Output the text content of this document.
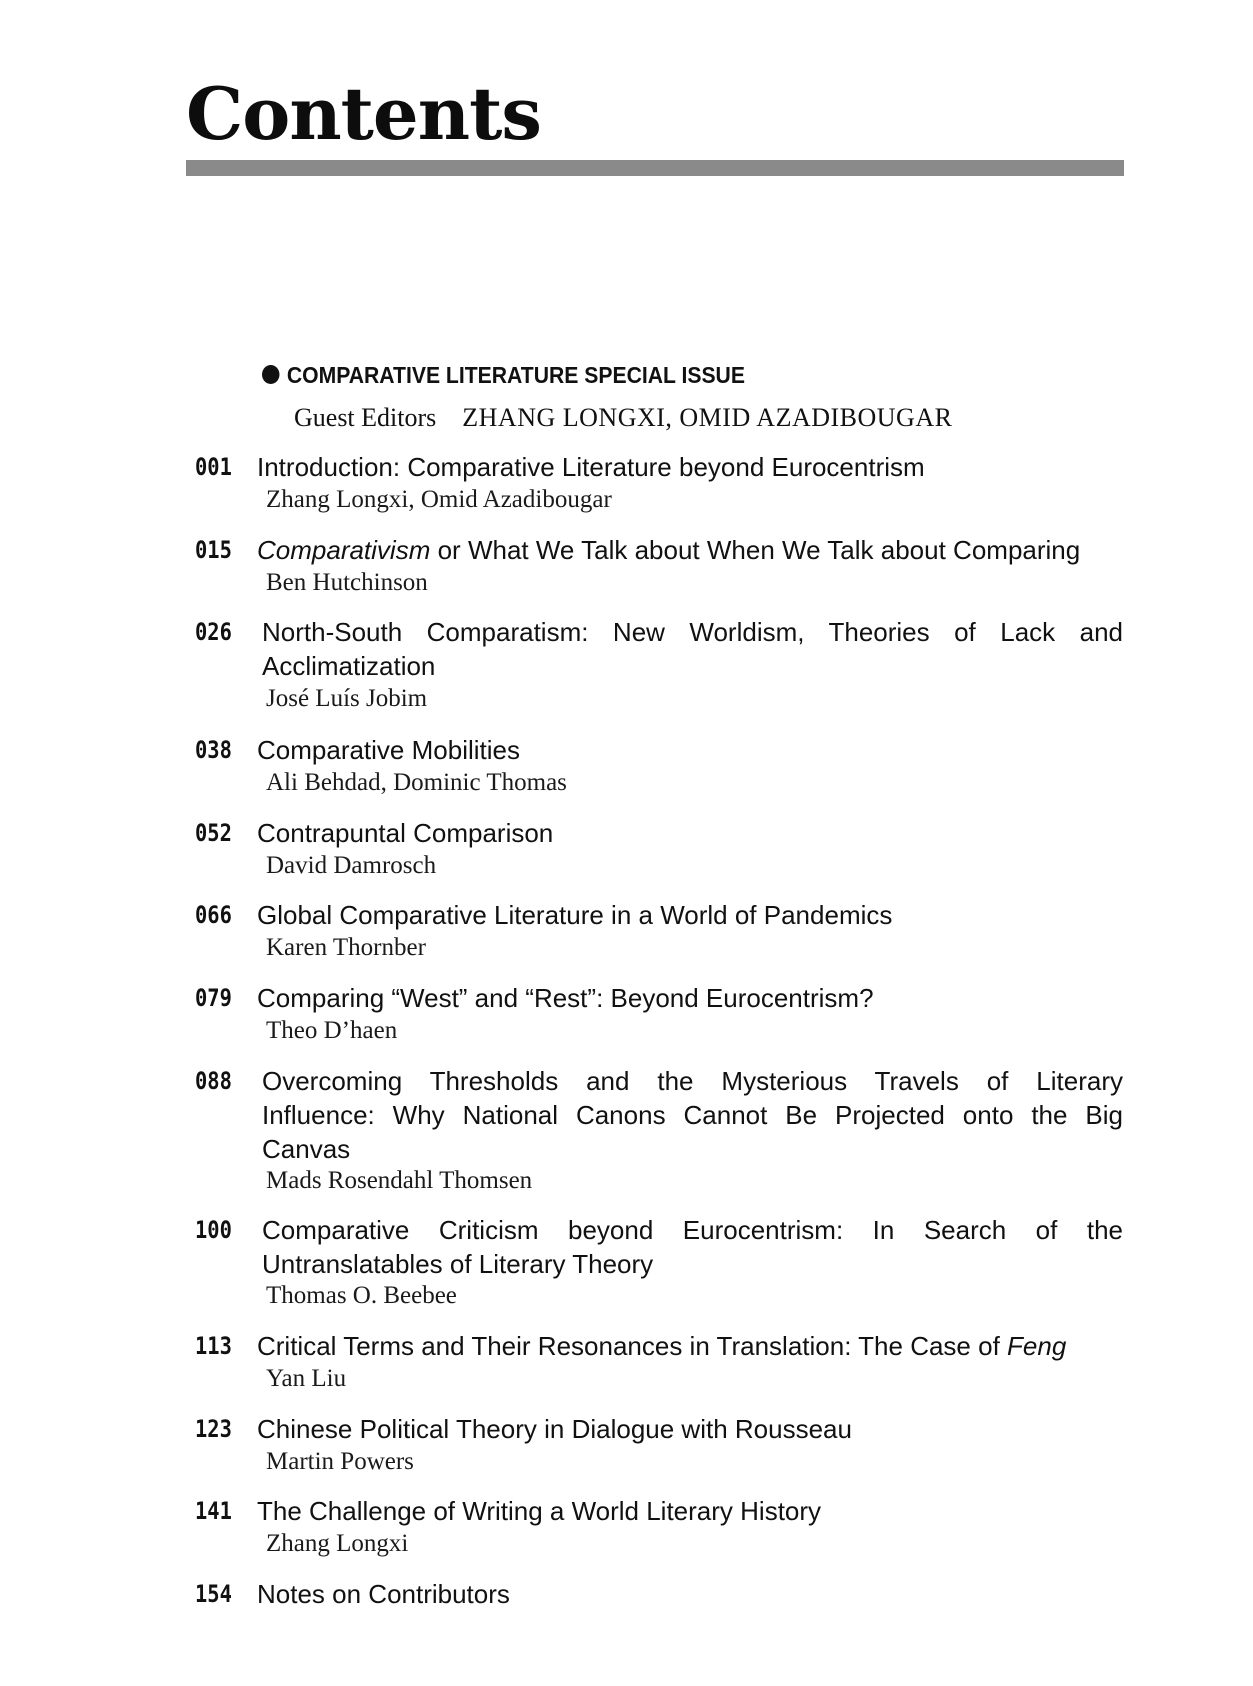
Contents
COMPARATIVE LITERATURE SPECIAL ISSUE
Guest Editors ZHANG LONGXI, OMID AZADIBOUGAR
001 Introduction: Comparative Literature beyond Eurocentrism
Zhang Longxi, Omid Azadibougar
015 Comparativism or What We Talk about When We Talk about Comparing
Ben Hutchinson
026 North-South Comparatism: New Worldism, Theories of Lack and
Acclimatization
José Luís Jobim
038 Comparative Mobilities
Ali Behdad, Dominic Thomas
052 Contrapuntal Comparison
David Damrosch
066 Global Comparative Literature in a World of Pandemics
Karen Thornber
079 Comparing “West” and “Rest”: Beyond Eurocentrism?
Theo D’haen
088 Overcoming Thresholds and the Mysterious Travels of Literary
Influence: Why National Canons Cannot Be Projected onto the Big
Canvas
Mads Rosendahl Thomsen
100 Comparative Criticism beyond Eurocentrism: In Search of the
Untranslatables of Literary Theory
Thomas O. Beebee
113 Critical Terms and Their Resonances in Translation: The Case of Feng
Yan Liu
123 Chinese Political Theory in Dialogue with Rousseau
Martin Powers
141 The Challenge of Writing a World Literary History
Zhang Longxi
154 Notes on Contributors
